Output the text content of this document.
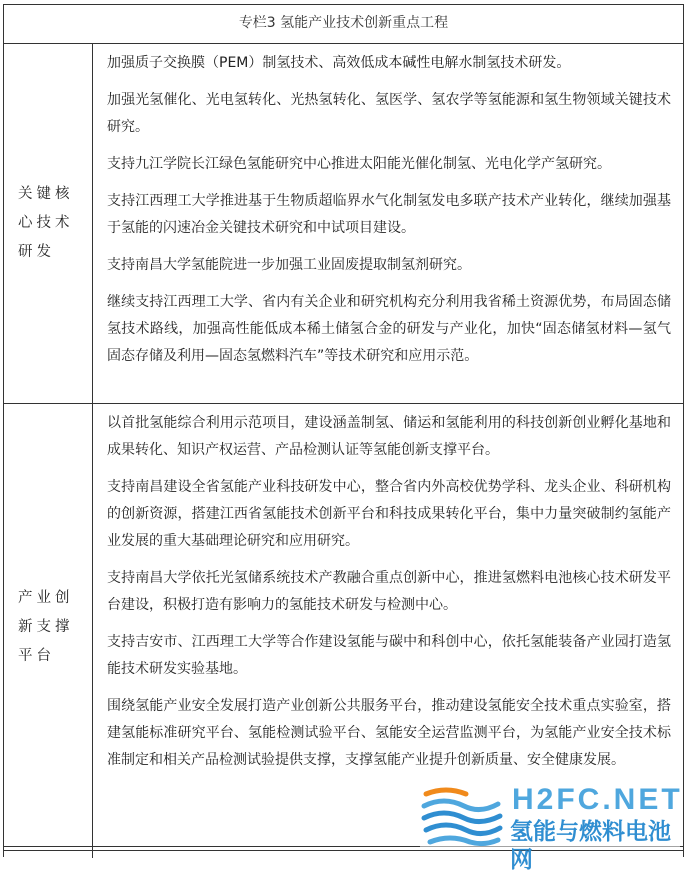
专栏3 氢能产业技术创新重点工程
关键核心技术研发

加强质子交换膜（PEM）制氢技术、高效低成本碱性电解水制氢技术研发。

加强光氢催化、光电氢转化、光热氢转化、氢医学、氢农学等氢能源和氢生物领域关键技术研究。

支持九江学院长江绿色氢能研究中心推进太阳能光催化制氢、光电化学产氢研究。

支持江西理工大学推进基于生物质超临界水气化制氢发电多联产技术产业转化，继续加强基于氢能的闪速冶金关键技术研究和中试项目建设。

支持南昌大学氢能院进一步加强工业固废提取制氢剂研究。

继续支持江西理工大学、省内有关企业和研究机构充分利用我省稀土资源优势，布局固态储氢技术路线，加强高性能低成本稀土储氢合金的研发与产业化，加快“固态储氢材料—氢气固态存储及利用—固态氢燃料汽车”等技术研究和应用示范。

产业创新支撑平台

以首批氢能综合利用示范项目，建设涵盖制氢、储运和氢能利用的科技创新创业孵化基地和成果转化、知识产权运营、产品检测认证等氢能创新支撑平台。

支持南昌建设全省氢能产业科技研发中心，整合省内外高校优势学科、龙头企业、科研机构的创新资源，搭建江西省氢能技术创新平台和科技成果转化平台，集中力量突破制约氢能产业发展的重大基础理论研究和应用研究。

支持南昌大学依托光氢储系统技术产教融合重点创新中心，推进氢燃料电池核心技术研发平台建设，积极打造有影响力的氢能技术研发与检测中心。

支持吉安市、江西理工大学等合作建设氢能与碳中和科创中心，依托氢能装备产业园打造氢能技术研发实验基地。

围绕氢能产业安全发展打造产业创新公共服务平台，推动建设氢能安全技术重点实验室，搭建氢能标准研究平台、氢能检测试验平台、氢能安全运营监测平台，为氢能产业安全技术标准制定和相关产品检测试验提供支撑，支撑氢能产业提升创新质量、安全健康发展。

H2FC.NET
氢能与燃料电池网
